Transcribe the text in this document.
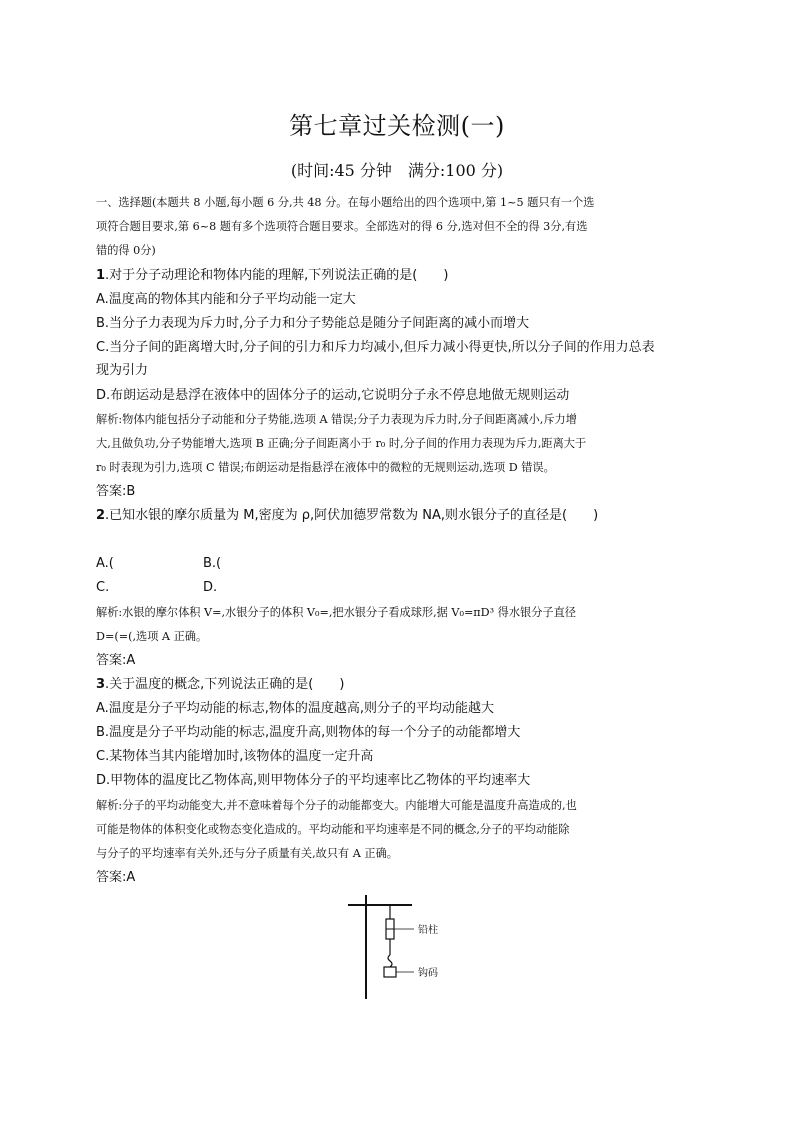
第七章过关检测(一)
(时间:45 分钟　满分:100 分)
一、选择题(本题共 8 小题,每小题 6 分,共 48 分。在每小题给出的四个选项中,第 1~5 题只有一个选
项符合题目要求,第 6~8 题有多个选项符合题目要求。全部选对的得 6 分,选对但不全的得 3分,有选
错的得 0分)
1.对于分子动理论和物体内能的理解,下列说法正确的是(　　)
A.温度高的物体其内能和分子平均动能一定大
B.当分子力表现为斥力时,分子力和分子势能总是随分子间距离的减小而增大
C.当分子间的距离增大时,分子间的引力和斥力均减小,但斥力减小得更快,所以分子间的作用力总表
现为引力
D.布朗运动是悬浮在液体中的固体分子的运动,它说明分子永不停息地做无规则运动
解析:物体内能包括分子动能和分子势能,选项 A 错误;分子力表现为斥力时,分子间距离减小,斥力增
大,且做负功,分子势能增大,选项 B 正确;分子间距离小于 r₀ 时,分子间的作用力表现为斥力,距离大于
r₀ 时表现为引力,选项 C 错误;布朗运动是指悬浮在液体中的微粒的无规则运动,选项 D 错误。
答案:B
2.已知水银的摩尔质量为 M,密度为 ρ,阿伏加德罗常数为 NA,则水银分子的直径是(　　)
A.(	B.(
C.	D.
解析:水银的摩尔体积 V=,水银分子的体积 V₀=,把水银分子看成球形,据 V₀=πD³ 得水银分子直径
D=(=(,选项 A 正确。
答案:A
3.关于温度的概念,下列说法正确的是(　　)
A.温度是分子平均动能的标志,物体的温度越高,则分子的平均动能越大
B.温度是分子平均动能的标志,温度升高,则物体的每一个分子的动能都增大
C.某物体当其内能增加时,该物体的温度一定升高
D.甲物体的温度比乙物体高,则甲物体分子的平均速率比乙物体的平均速率大
解析:分子的平均动能变大,并不意味着每个分子的动能都变大。内能增大可能是温度升高造成的,也
可能是物体的体积变化或物态变化造成的。平均动能和平均速率是不同的概念,分子的平均动能除
与分子的平均速率有关外,还与分子质量有关,故只有 A 正确。
答案:A
铅柱
钩码
